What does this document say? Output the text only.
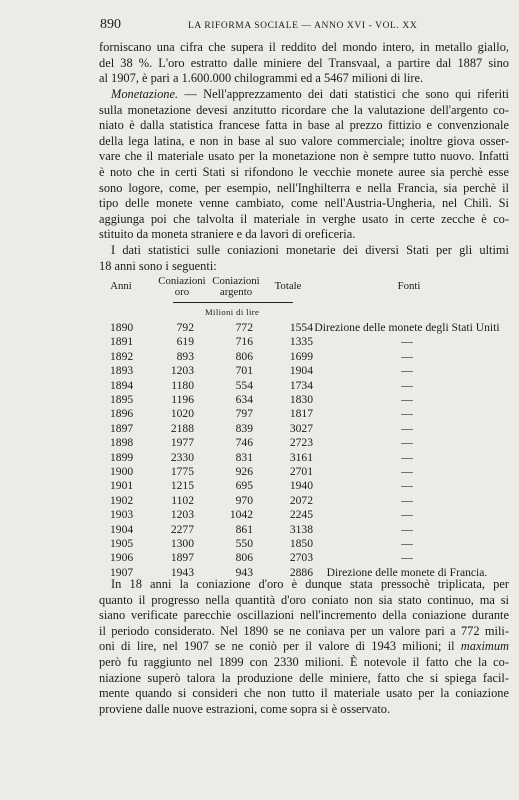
890	LA RIFORMA SOCIALE — ANNO XVI - VOL. XX
forniscano una cifra che supera il reddito del mondo intero, in metallo giallo,
del 38 %. L'oro estratto dalle miniere del Transvaal, a partire dal 1887 sino
al 1907, è pari a 1.600.000 chilogrammi ed a 5467 milioni di lire.
Monetazione. — Nell'apprezzamento dei dati statistici che sono qui riferiti
sulla monetazione devesi anzitutto ricordare che la valutazione dell'argento co-
niato è dalla statistica francese fatta in base al prezzo fittizio e convenzionale
della lega latina, e non in base al suo valore commerciale; inoltre giova osser-
vare che il materiale usato per la monetazione non è sempre tutto nuovo. Infatti
è noto che in certi Stati si rifondono le vecchie monete auree sia perchè esse
sono logore, come, per esempio, nell'Inghilterra e nella Francia, sia perchè il
tipo delle monete venne cambiato, come nell'Austria-Ungheria, nel Chilì. Si
aggiunga poi che talvolta il materiale in verghe usato in certe zecche è co-
stituito da moneta straniere e da lavori di oreficeria.
I dati statistici sulle coniazioni monetarie dei diversi Stati per gli ultimi
18 anni sono i seguenti:
Anni	Coniazioni
oro
Coniazioni
argento	Totale	Fonti
Milioni di lire
1890	792	772	1554 Direzione delle monete degli Stati Uniti
1891	619	716	1335	—
1892	893	806	1699	—
1893	1203	701	1904	—
1894	1180	554	1734	—
1895	1196	634	1830	—
1896	1020	797	1817	—
1897	2188	839	3027	—
1898	1977	746	2723	—
1899	2330	831	3161	—
1900	1775	926	2701	—
1901	1215	695	1940	—
1902	1102	970	2072	—
1903	1203	1042	2245	—
1904	2277	861	3138	—
1905	1300	550	1850	—
1906	1897	806	2703	—
1907	1943	943	2886	Direzione delle monete di Francia.
In 18 anni la coniazione d'oro è dunque stata pressochè triplicata, per
quanto il progresso nella quantità d'oro coniato non sia stato continuo, ma si
siano verificate parecchie oscillazioni nell'incremento della coniazione durante
il periodo considerato. Nel 1890 se ne coniava per un valore pari a 772 mili-
oni di lire, nel 1907 se ne coniò per il valore di 1943 milioni; il maximum
però fu raggiunto nel 1899 con 2330 milioni. È notevole il fatto che la co-
niazione superò talora la produzione delle miniere, fatto che si spiega facil-
mente quando si consideri che non tutto il materiale usato per la coniazione
proviene dalle nuove estrazioni, come sopra si è osservato.
